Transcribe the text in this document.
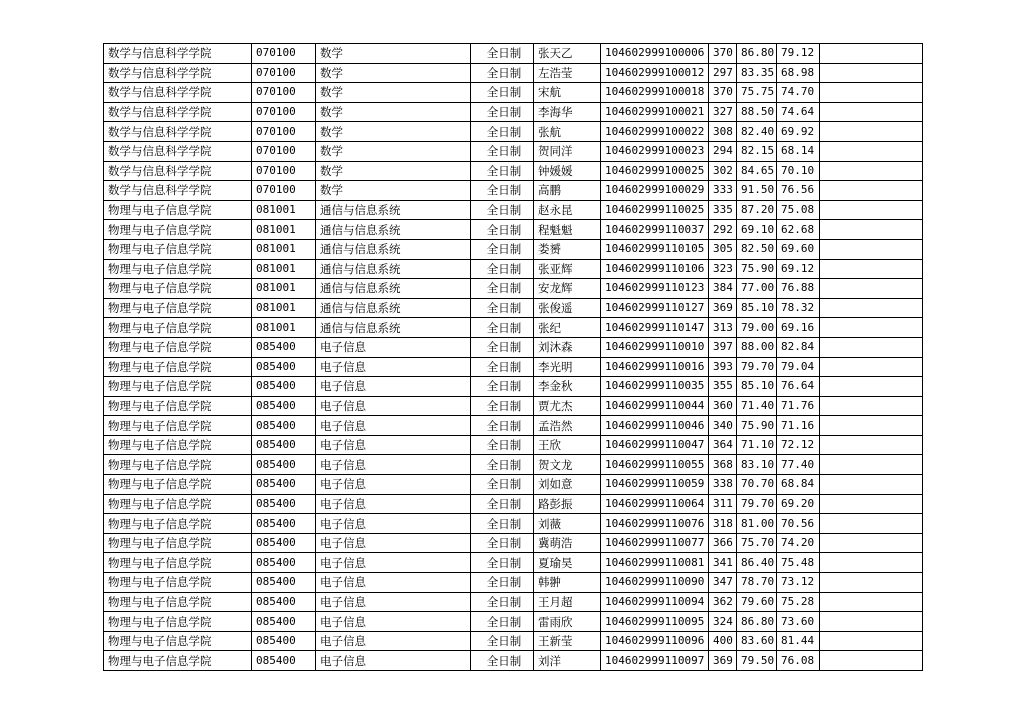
数学与信息科学学院	070100	数学	全日制	张天乙	104602999100006	370	86.80	79.12	
数学与信息科学学院	070100	数学	全日制	左浩莹	104602999100012	297	83.35	68.98	
数学与信息科学学院	070100	数学	全日制	宋航	104602999100018	370	75.75	74.70	
数学与信息科学学院	070100	数学	全日制	李海华	104602999100021	327	88.50	74.64	
数学与信息科学学院	070100	数学	全日制	张航	104602999100022	308	82.40	69.92	
数学与信息科学学院	070100	数学	全日制	贺同洋	104602999100023	294	82.15	68.14	
数学与信息科学学院	070100	数学	全日制	钟媛媛	104602999100025	302	84.65	70.10	
数学与信息科学学院	070100	数学	全日制	高鹏	104602999100029	333	91.50	76.56	
物理与电子信息学院	081001	通信与信息系统	全日制	赵永昆	104602999110025	335	87.20	75.08	
物理与电子信息学院	081001	通信与信息系统	全日制	程魁魁	104602999110037	292	69.10	62.68	
物理与电子信息学院	081001	通信与信息系统	全日制	娄赟	104602999110105	305	82.50	69.60	
物理与电子信息学院	081001	通信与信息系统	全日制	张亚辉	104602999110106	323	75.90	69.12	
物理与电子信息学院	081001	通信与信息系统	全日制	安龙辉	104602999110123	384	77.00	76.88	
物理与电子信息学院	081001	通信与信息系统	全日制	张俊遥	104602999110127	369	85.10	78.32	
物理与电子信息学院	081001	通信与信息系统	全日制	张纪	104602999110147	313	79.00	69.16	
物理与电子信息学院	085400	电子信息	全日制	刘沐森	104602999110010	397	88.00	82.84	
物理与电子信息学院	085400	电子信息	全日制	李光明	104602999110016	393	79.70	79.04	
物理与电子信息学院	085400	电子信息	全日制	李金秋	104602999110035	355	85.10	76.64	
物理与电子信息学院	085400	电子信息	全日制	贾尤杰	104602999110044	360	71.40	71.76	
物理与电子信息学院	085400	电子信息	全日制	孟浩然	104602999110046	340	75.90	71.16	
物理与电子信息学院	085400	电子信息	全日制	王欣	104602999110047	364	71.10	72.12	
物理与电子信息学院	085400	电子信息	全日制	贺文龙	104602999110055	368	83.10	77.40	
物理与电子信息学院	085400	电子信息	全日制	刘如意	104602999110059	338	70.70	68.84	
物理与电子信息学院	085400	电子信息	全日制	路彭振	104602999110064	311	79.70	69.20	
物理与电子信息学院	085400	电子信息	全日制	刘薇	104602999110076	318	81.00	70.56	
物理与电子信息学院	085400	电子信息	全日制	冀萌浩	104602999110077	366	75.70	74.20	
物理与电子信息学院	085400	电子信息	全日制	夏瑜昊	104602999110081	341	86.40	75.48	
物理与电子信息学院	085400	电子信息	全日制	韩翀	104602999110090	347	78.70	73.12	
物理与电子信息学院	085400	电子信息	全日制	王月超	104602999110094	362	79.60	75.28	
物理与电子信息学院	085400	电子信息	全日制	雷雨欣	104602999110095	324	86.80	73.60	
物理与电子信息学院	085400	电子信息	全日制	王新莹	104602999110096	400	83.60	81.44	
物理与电子信息学院	085400	电子信息	全日制	刘洋	104602999110097	369	79.50	76.08	
